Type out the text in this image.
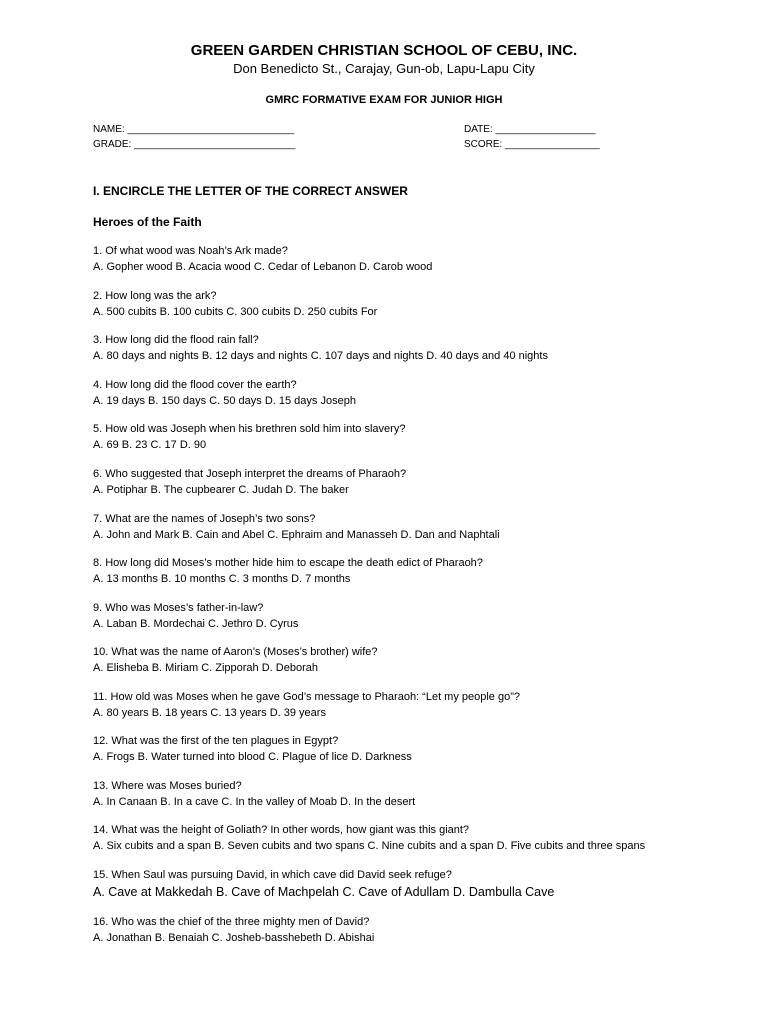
GREEN GARDEN CHRISTIAN SCHOOL OF CEBU, INC.
Don Benedicto St., Carajay, Gun-ob, Lapu-Lapu City
GMRC FORMATIVE EXAM FOR JUNIOR HIGH
NAME: ______________________________	DATE: __________________
GRADE: _____________________________	SCORE: _________________
I. ENCIRCLE THE LETTER OF THE CORRECT ANSWER
Heroes of the Faith
1. Of what wood was Noah’s Ark made?
A. Gopher wood B. Acacia wood C. Cedar of Lebanon D. Carob wood
2. How long was the ark?
A. 500 cubits B. 100 cubits C. 300 cubits D. 250 cubits For
3. How long did the flood rain fall?
A. 80 days and nights B. 12 days and nights C. 107 days and nights D. 40 days and 40 nights
4. How long did the flood cover the earth?
A. 19 days B. 150 days C. 50 days D. 15 days Joseph
5. How old was Joseph when his brethren sold him into slavery?
A. 69 B. 23 C. 17 D. 90
6. Who suggested that Joseph interpret the dreams of Pharaoh?
A. Potiphar B. The cupbearer C. Judah D. The baker
7. What are the names of Joseph’s two sons?
A. John and Mark B. Cain and Abel C. Ephraim and Manasseh D. Dan and Naphtali
8. How long did Moses’s mother hide him to escape the death edict of Pharaoh?
A. 13 months B. 10 months C. 3 months D. 7 months
9. Who was Moses’s father-in-law?
A. Laban B. Mordechai C. Jethro D. Cyrus
10. What was the name of Aaron’s (Moses’s brother) wife?
A. Elisheba B. Miriam C. Zipporah D. Deborah
11. How old was Moses when he gave God’s message to Pharaoh: “Let my people go”?
A. 80 years B. 18 years C. 13 years D. 39 years
12. What was the first of the ten plagues in Egypt?
A. Frogs B. Water turned into blood C. Plague of lice D. Darkness
13. Where was Moses buried?
A. In Canaan B. In a cave C. In the valley of Moab D. In the desert
14. What was the height of Goliath? In other words, how giant was this giant?
A. Six cubits and a span B. Seven cubits and two spans C. Nine cubits and a span D. Five cubits and three spans
15. When Saul was pursuing David, in which cave did David seek refuge?
A. Cave at Makkedah B. Cave of Machpelah C. Cave of Adullam D. Dambulla Cave
16. Who was the chief of the three mighty men of David?
A. Jonathan B. Benaiah C. Josheb-basshebeth D. Abishai
